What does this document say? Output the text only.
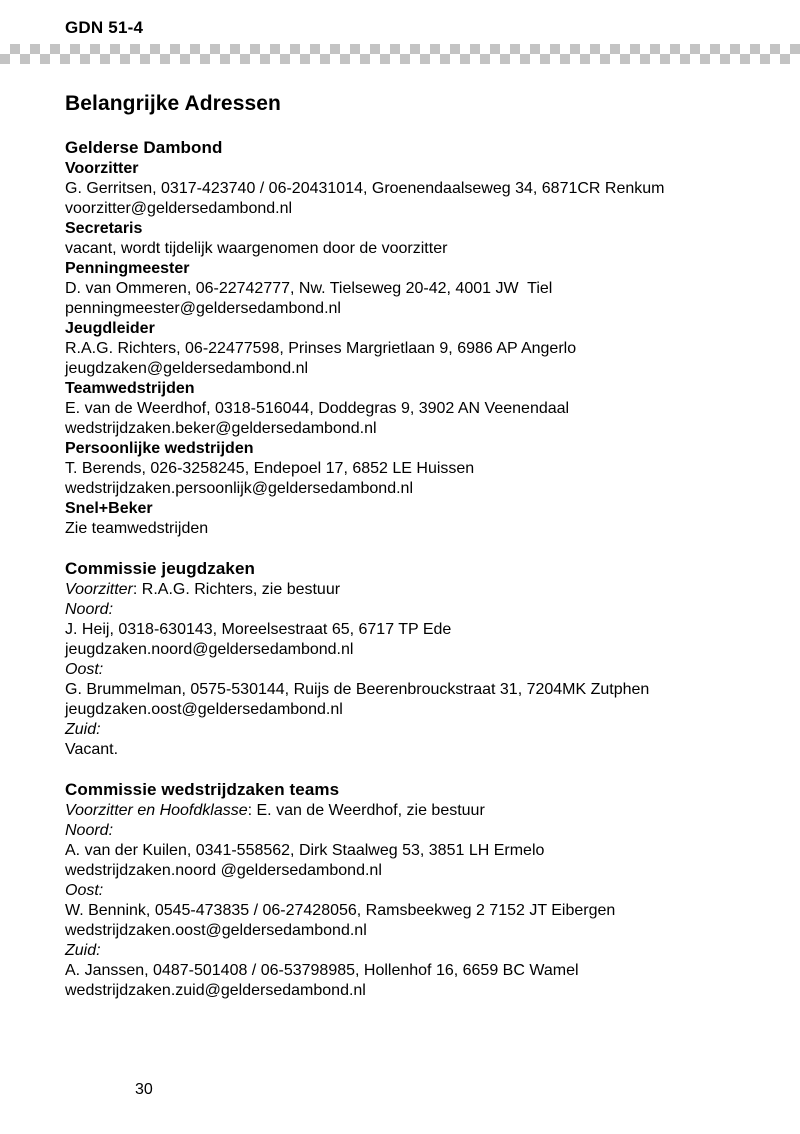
GDN 51-4
Belangrijke Adressen
Gelderse Dambond
Voorzitter
G. Gerritsen, 0317-423740 / 06-20431014, Groenendaalseweg 34, 6871CR Renkum
voorzitter@geldersedambond.nl
Secretaris
vacant, wordt tijdelijk waargenomen door de voorzitter
Penningmeester
D. van Ommeren, 06-22742777, Nw. Tielseweg 20-42, 4001 JW  Tiel
penningmeester@geldersedambond.nl
Jeugdleider
R.A.G. Richters, 06-22477598, Prinses Margrietlaan 9, 6986 AP Angerlo
jeugdzaken@geldersedambond.nl
Teamwedstrijden
E. van de Weerdhof, 0318-516044, Doddegras 9, 3902 AN Veenendaal
wedstrijdzaken.beker@geldersedambond.nl
Persoonlijke wedstrijden
T. Berends, 026-3258245, Endepoel 17, 6852 LE Huissen
wedstrijdzaken.persoonlijk@geldersedambond.nl
Snel+Beker
Zie teamwedstrijden
Commissie jeugdzaken
Voorzitter: R.A.G. Richters, zie bestuur
Noord:
J. Heij, 0318-630143, Moreelsestraat 65, 6717 TP Ede
jeugdzaken.noord@geldersedambond.nl
Oost:
G. Brummelman, 0575-530144, Ruijs de Beerenbrouckstraat 31, 7204MK Zutphen
jeugdzaken.oost@geldersedambond.nl
Zuid:
Vacant.
Commissie wedstrijdzaken teams
Voorzitter en Hoofdklasse: E. van de Weerdhof, zie bestuur
Noord:
A. van der Kuilen, 0341-558562, Dirk Staalweg 53, 3851 LH Ermelo
wedstrijdzaken.noord @geldersedambond.nl
Oost:
W. Bennink, 0545-473835 / 06-27428056, Ramsbeekweg 2 7152 JT Eibergen
wedstrijdzaken.oost@geldersedambond.nl
Zuid:
A. Janssen, 0487-501408 / 06-53798985, Hollenhof 16, 6659 BC Wamel
wedstrijdzaken.zuid@geldersedambond.nl
30
